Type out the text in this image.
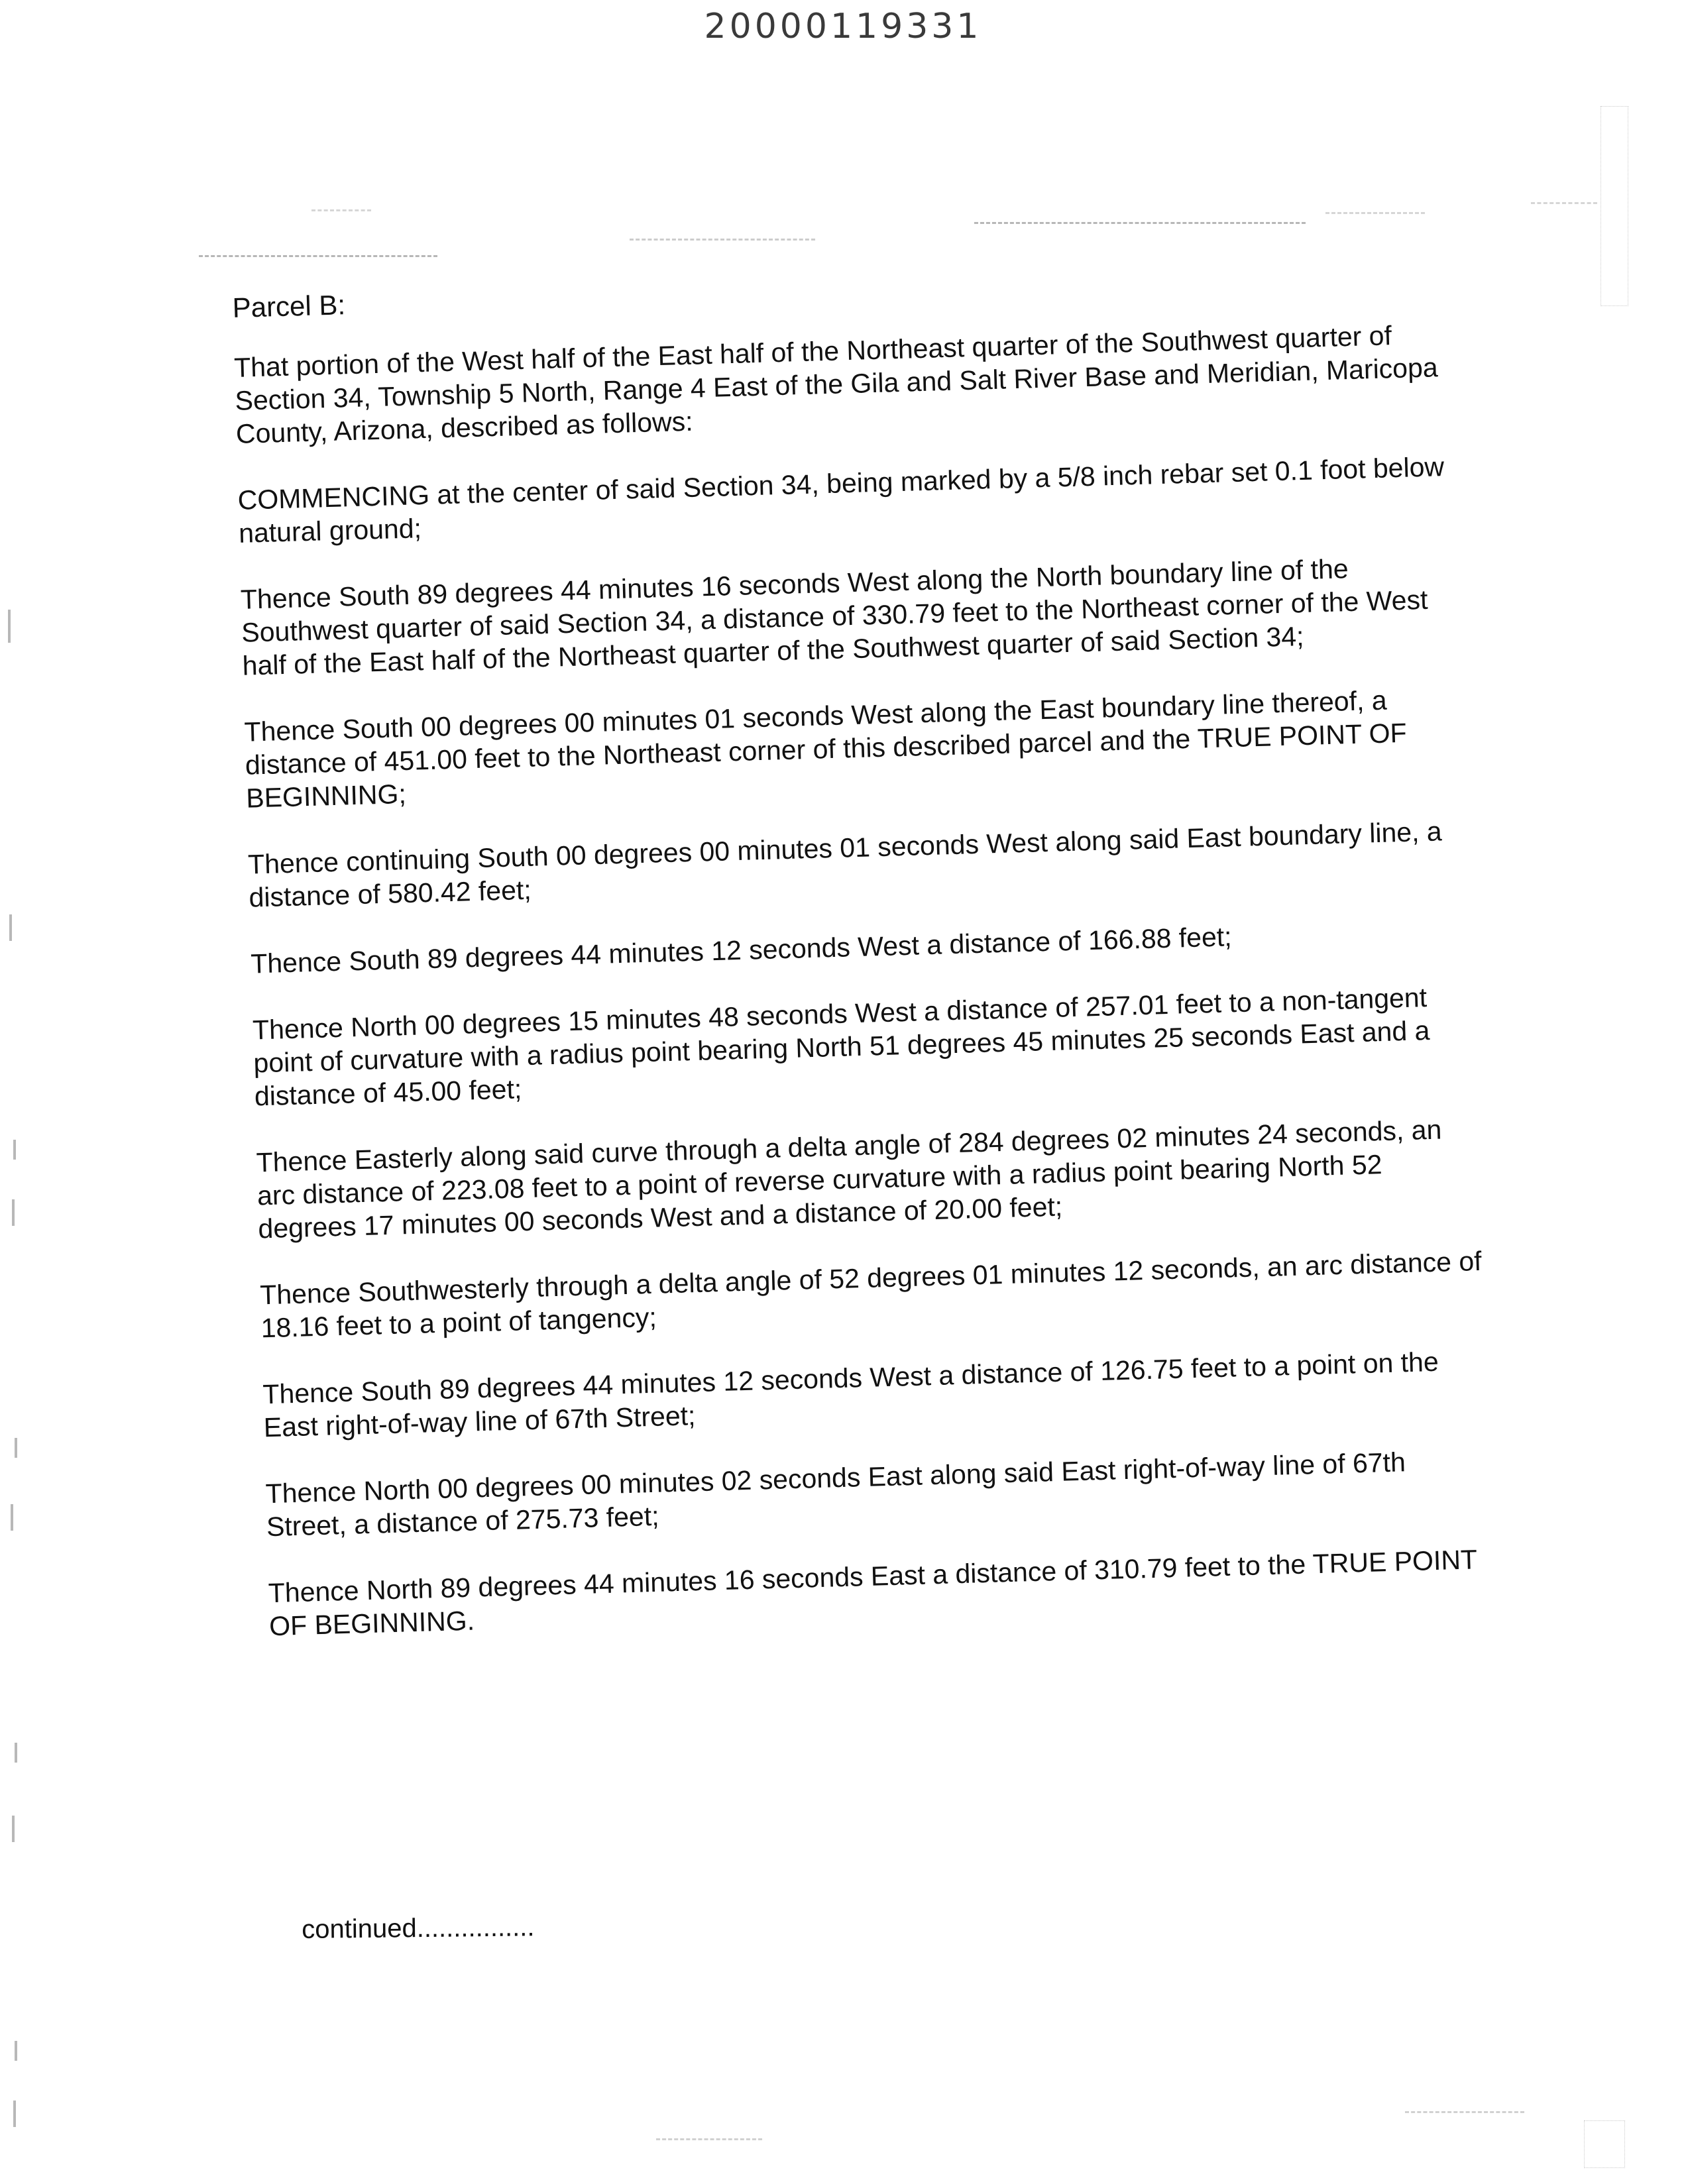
20000119331
Parcel B:

That portion of the West half of the East half of the Northeast quarter of the Southwest quarter of Section 34, Township 5 North, Range 4 East of the Gila and Salt River Base and Meridian, Maricopa County, Arizona, described as follows:

COMMENCING at the center of said Section 34, being marked by a 5/8 inch rebar set 0.1 foot below natural ground;

Thence South 89 degrees 44 minutes 16 seconds West along the North boundary line of the Southwest quarter of said Section 34, a distance of 330.79 feet to the Northeast corner of the West half of the East half of the Northeast quarter of the Southwest quarter of said Section 34;

Thence South 00 degrees 00 minutes 01 seconds West along the East boundary line thereof, a distance of 451.00 feet to the Northeast corner of this described parcel and the TRUE POINT OF BEGINNING;

Thence continuing South 00 degrees 00 minutes 01 seconds West along said East boundary line, a distance of 580.42 feet;

Thence South 89 degrees 44 minutes 12 seconds West a distance of 166.88 feet;

Thence North 00 degrees 15 minutes 48 seconds West a distance of 257.01 feet to a non-tangent point of curvature with a radius point bearing North 51 degrees 45 minutes 25 seconds East and a distance of 45.00 feet;

Thence Easterly along said curve through a delta angle of 284 degrees 02 minutes 24 seconds, an arc distance of 223.08 feet to a point of reverse curvature with a radius point bearing North 52 degrees 17 minutes 00 seconds West and a distance of 20.00 feet;

Thence Southwesterly through a delta angle of 52 degrees 01 minutes 12 seconds, an arc distance of 18.16 feet to a point of tangency;

Thence South 89 degrees 44 minutes 12 seconds West a distance of 126.75 feet to a point on the East right-of-way line of 67th Street;

Thence North 00 degrees 00 minutes 02 seconds East along said East right-of-way line of 67th Street, a distance of 275.73 feet;

Thence North 89 degrees 44 minutes 16 seconds East a distance of 310.79 feet to the TRUE POINT OF BEGINNING.

continued................
